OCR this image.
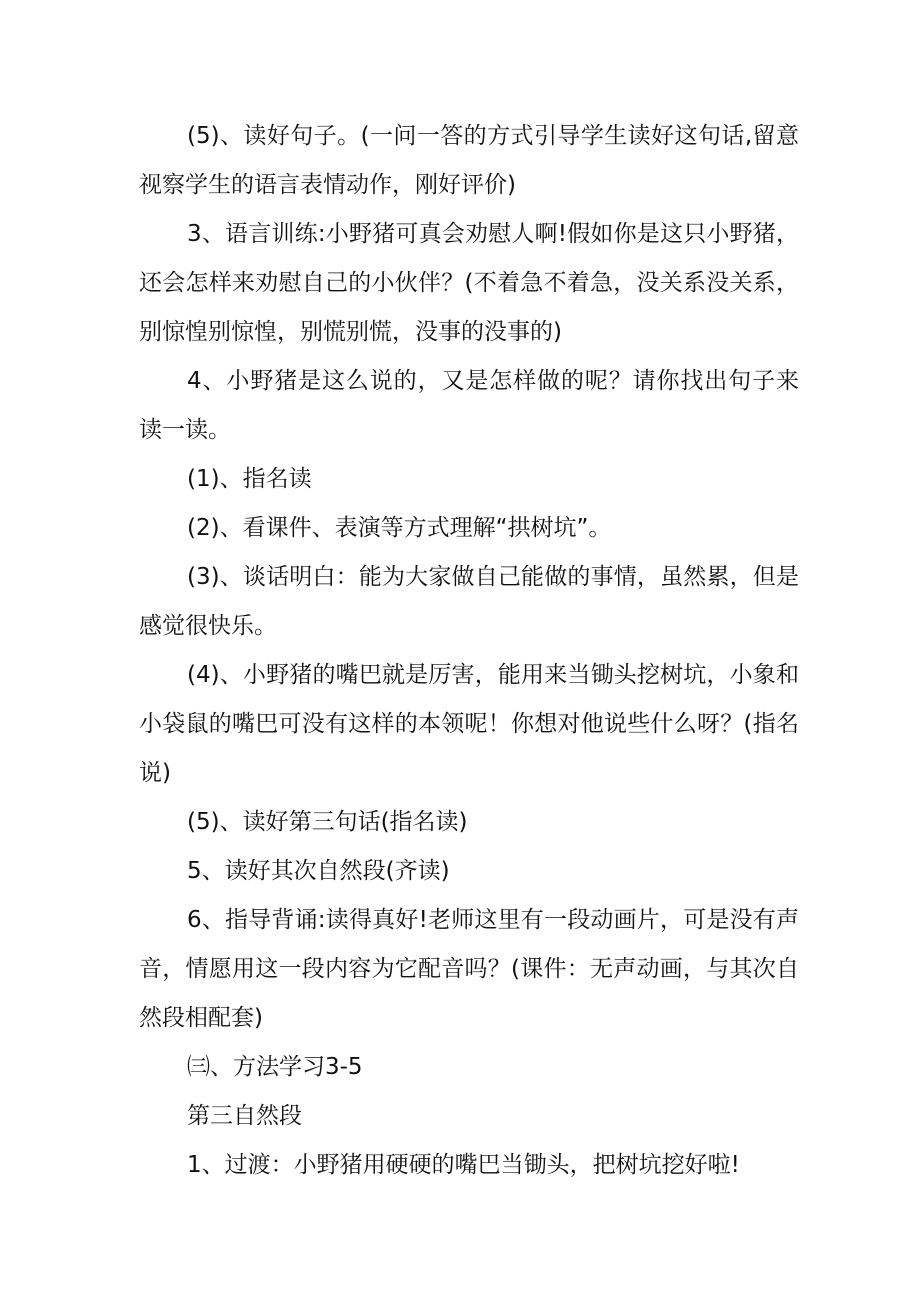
(5)、读好句子。(一问一答的方式引导学生读好这句话,留意视察学生的语言表情动作，刚好评价)

3、语言训练:小野猪可真会劝慰人啊!假如你是这只小野猪，还会怎样来劝慰自己的小伙伴？(不着急不着急，没关系没关系，别惊惶别惊惶，别慌别慌，没事的没事的)

4、小野猪是这么说的，又是怎样做的呢？请你找出句子来读一读。

(1)、指名读

(2)、看课件、表演等方式理解“拱树坑”。

(3)、谈话明白：能为大家做自己能做的事情，虽然累，但是感觉很快乐。

(4)、小野猪的嘴巴就是厉害，能用来当锄头挖树坑，小象和小袋鼠的嘴巴可没有这样的本领呢！你想对他说些什么呀？(指名说)

(5)、读好第三句话(指名读)

5、读好其次自然段(齐读)

6、指导背诵:读得真好!老师这里有一段动画片，可是没有声音，情愿用这一段内容为它配音吗？(课件：无声动画，与其次自然段相配套)

㈢、方法学习3-5

第三自然段

1、过渡：小野猪用硬硬的嘴巴当锄头，把树坑挖好啦!
